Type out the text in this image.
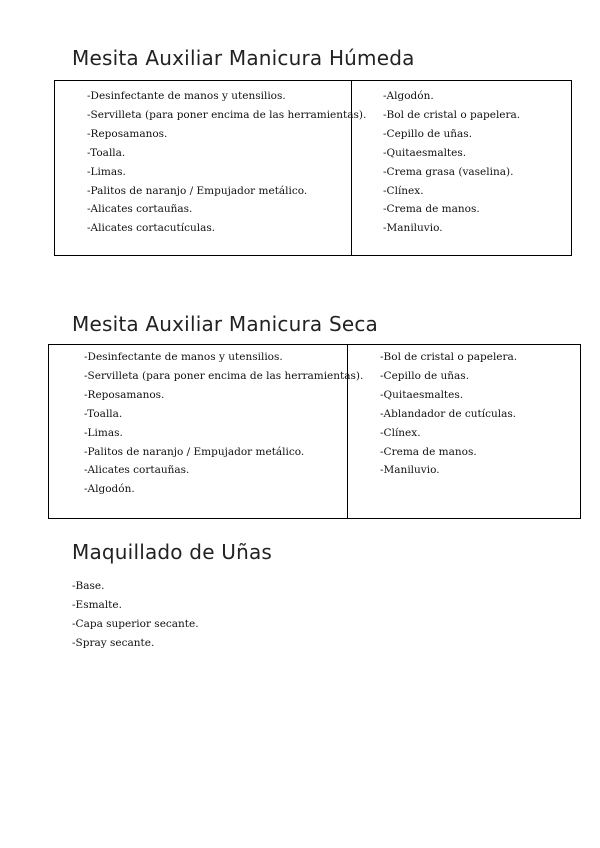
Mesita Auxiliar Manicura Húmeda
-Desinfectante de manos y utensilios.
-Servilleta (para poner encima de las herramientas).
-Reposamanos.
-Toalla.
-Limas.
-Palitos de naranjo / Empujador metálico.
-Alicates cortauñas.
-Alicates cortacutículas.
-Algodón.
-Bol de cristal o papelera.
-Cepillo de uñas.
-Quitaesmaltes.
-Crema grasa (vaselina).
-Clínex.
-Crema de manos.
-Maniluvio.
Mesita Auxiliar Manicura Seca
-Desinfectante de manos y utensilios.
-Servilleta (para poner encima de las herramientas).
-Reposamanos.
-Toalla.
-Limas.
-Palitos de naranjo / Empujador metálico.
-Alicates cortauñas.
-Algodón.
-Bol de cristal o papelera.
-Cepillo de uñas.
-Quitaesmaltes.
-Ablandador de cutículas.
-Clínex.
-Crema de manos.
-Maniluvio.
Maquillado de Uñas
-Base.
-Esmalte.
-Capa superior secante.
-Spray secante.
